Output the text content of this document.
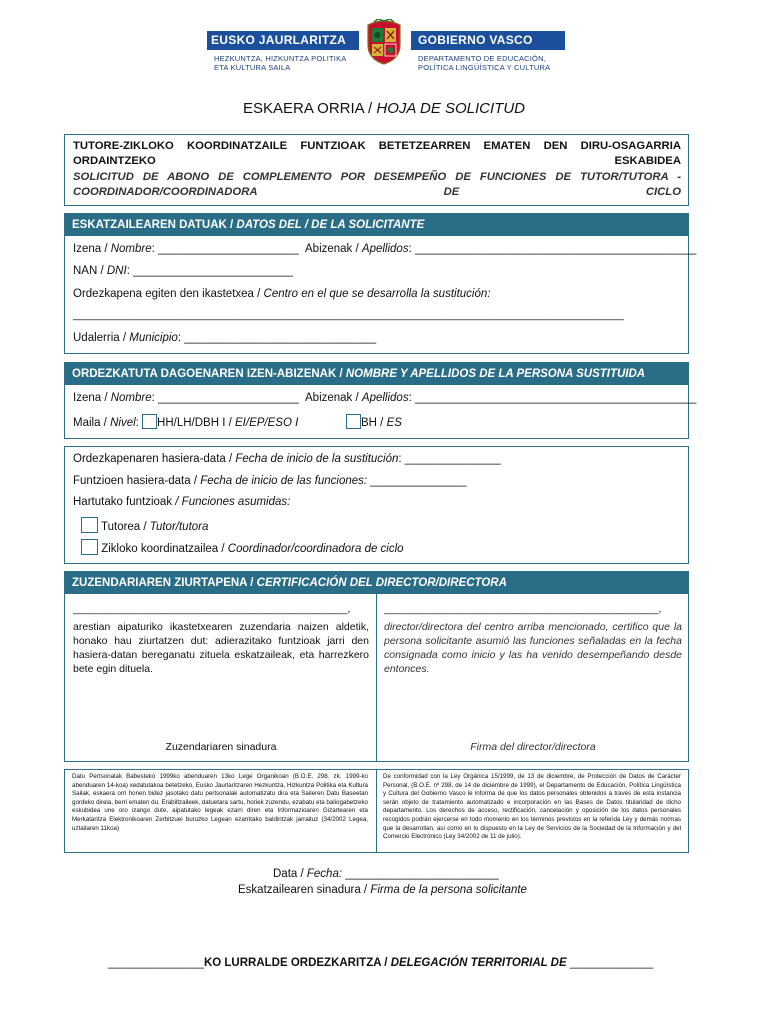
EUSKO JAURLARITZA	GOBIERNO VASCO
HEZKUNTZA, HIZKUNTZA POLITIKA
ETA KULTURA SAILA
DEPARTAMENTO DE EDUCACIÓN,
POLÍTICA LINGÜÍSTICA Y CULTURA
ESKAERA ORRIA / HOJA DE SOLICITUD
TUTORE-ZIKLOKO KOORDINATZAILE FUNTZIOAK BETETZEARREN EMATEN DEN DIRU-OSAGARRIA ORDAINTZEKO ESKABIDEA
SOLICITUD DE ABONO DE COMPLEMENTO POR DESEMPEÑO DE FUNCIONES DE TUTOR/TUTORA - COORDINADOR/COORDINADORA DE CICLO
ESKATZAILEAREN DATUAK / DATOS DEL / DE LA SOLICITANTE
Izena / Nombre: ______________________ Abizenak / Apellidos: ____________________________________________
NAN / DNI: _________________________
Ordezkapena egiten den ikastetxea / Centro en el que se desarrolla la sustitución:
__________________________________________________________________________________________
Udalerria / Municipio: ______________________________
ORDEZKATUTA DAGOENAREN IZEN-ABIZENAK / NOMBRE Y APELLIDOS DE LA PERSONA SUSTITUIDA
Izena / Nombre: ______________________ Abizenak / Apellidos: ____________________________________________
Maila / Nivel: HH/LH/DBH I / EI/EP/ESO I	BH / ES
Ordezkapenaren hasiera-data / Fecha de inicio de la sustitución: _______________
Funtzioen hasiera-data / Fecha de inicio de las funciones: _______________
Hartutako funtzioak / Funciones asumidas:
Tutorea / Tutor/tutora
Zikloko koordinatzailea / Coordinador/coordinadora de ciclo
ZUZENDARIAREN ZIURTAPENA / CERTIFICACIÓN DEL DIRECTOR/DIRECTORA
_______________________________________________,
arestian aipaturiko ikastetxearen zuzendaria naizen aldetik, honako hau ziurtatzen dut: adierazitako funtzioak jarri den hasiera-datan bereganatu zituela eskatzaileak, eta harrezkero bete egin dituela.
Zuzendariaren sinadura
_______________________________________________,
director/directora del centro arriba mencionado, certifico que la persona solicitante asumió las funciones señaladas en la fecha consignada como inicio y las ha venido desempeñando desde entonces.
Firma del director/directora
Datu Pertsonalak Babesteko 1999ko abenduaren 13ko Lege Organikoan (B.O.E. 298. zk. 1999-ko abenduaren 14-koa) xedatutakoa betetzeko, Eusko Jaurlaritzaren Hezkuntza, Hizkuntza Politika eta Kultura Sailak, eskaera orri honen bidez jasotako datu pertsonalak automatizatu dira eta Saileren Datu Baseetan gordeko direla, berri ematen du. Erabiltzaileek, datuetara sartu, horiek zuzendu, ezabatu eta baliogabetzeko eskubidea une oro izango dute, aipatutako legeak ezarri diren eta Informazioaren Gizartearen eta Merkataritza Elektronikoaren Zerbitzuei buruzko Legean ezarritako baldintzak jarraituz (34/2002 Legea, uztailaren 11koa)
De conformidad con la Ley Orgánica 15/1999, de 13 de diciembre, de Protección de Datos de Carácter Personal, (B.O.E. nº 298, de 14 de diciembre de 1999), el Departamento de Educación, Política Lingüística y Cultura del Gobierno Vasco le informa de que los datos personales obtenidos a través de esta instancia serán objeto de tratamiento automatizado e incorporación en las Bases de Datos titularidad de dicho departamento. Los derechos de acceso, rectificación, cancelación y oposición de los datos personales recogidos podrán ejercerse en todo momento en los términos previstos en la referida Ley y demás normas que la desarrollan, así como en lo dispuesto en la Ley de Servicios de la Sociedad de la Información y del Comercio Electrónico (Ley 34/2002 de 11 de julio).
Data / Fecha: ________________________
Eskatzailearen sinadura / Firma de la persona solicitante
_______________KO LURRALDE ORDEZKARITZA / DELEGACIÓN TERRITORIAL DE _____________
